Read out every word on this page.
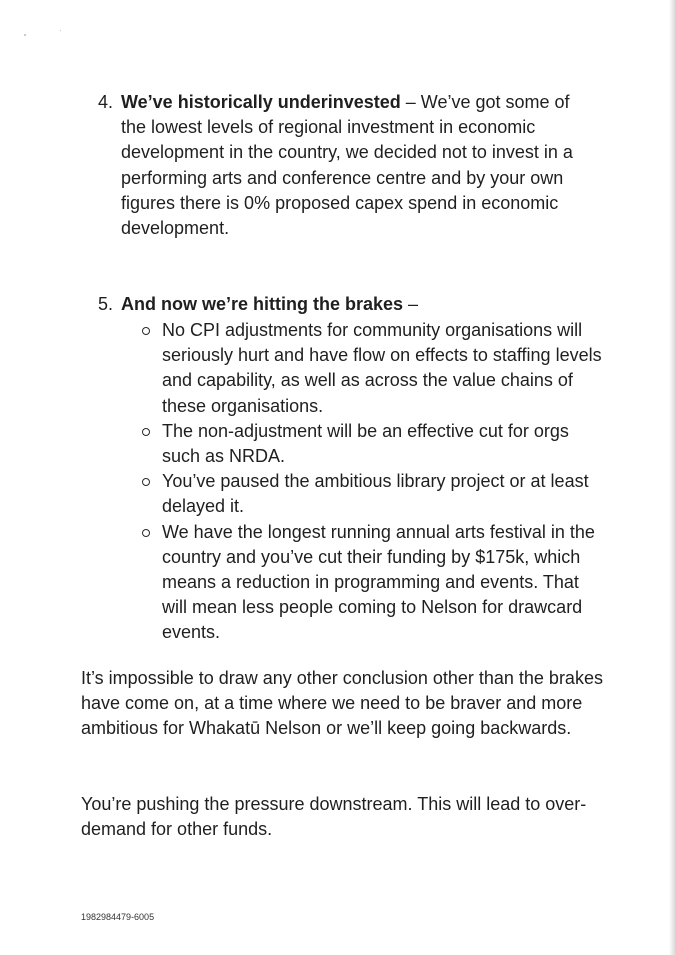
4. We’ve historically underinvested – We’ve got some of the lowest levels of regional investment in economic development in the country, we decided not to invest in a performing arts and conference centre and by your own figures there is 0% proposed capex spend in economic development.
5. And now we’re hitting the brakes –
No CPI adjustments for community organisations will seriously hurt and have flow on effects to staffing levels and capability, as well as across the value chains of these organisations.
The non-adjustment will be an effective cut for orgs such as NRDA.
You’ve paused the ambitious library project or at least delayed it.
We have the longest running annual arts festival in the country and you’ve cut their funding by $175k, which means a reduction in programming and events. That will mean less people coming to Nelson for drawcard events.

It’s impossible to draw any other conclusion other than the brakes have come on, at a time where we need to be braver and more ambitious for Whakatū Nelson or we’ll keep going backwards.

You’re pushing the pressure downstream. This will lead to over-demand for other funds.

1982984479-6005
